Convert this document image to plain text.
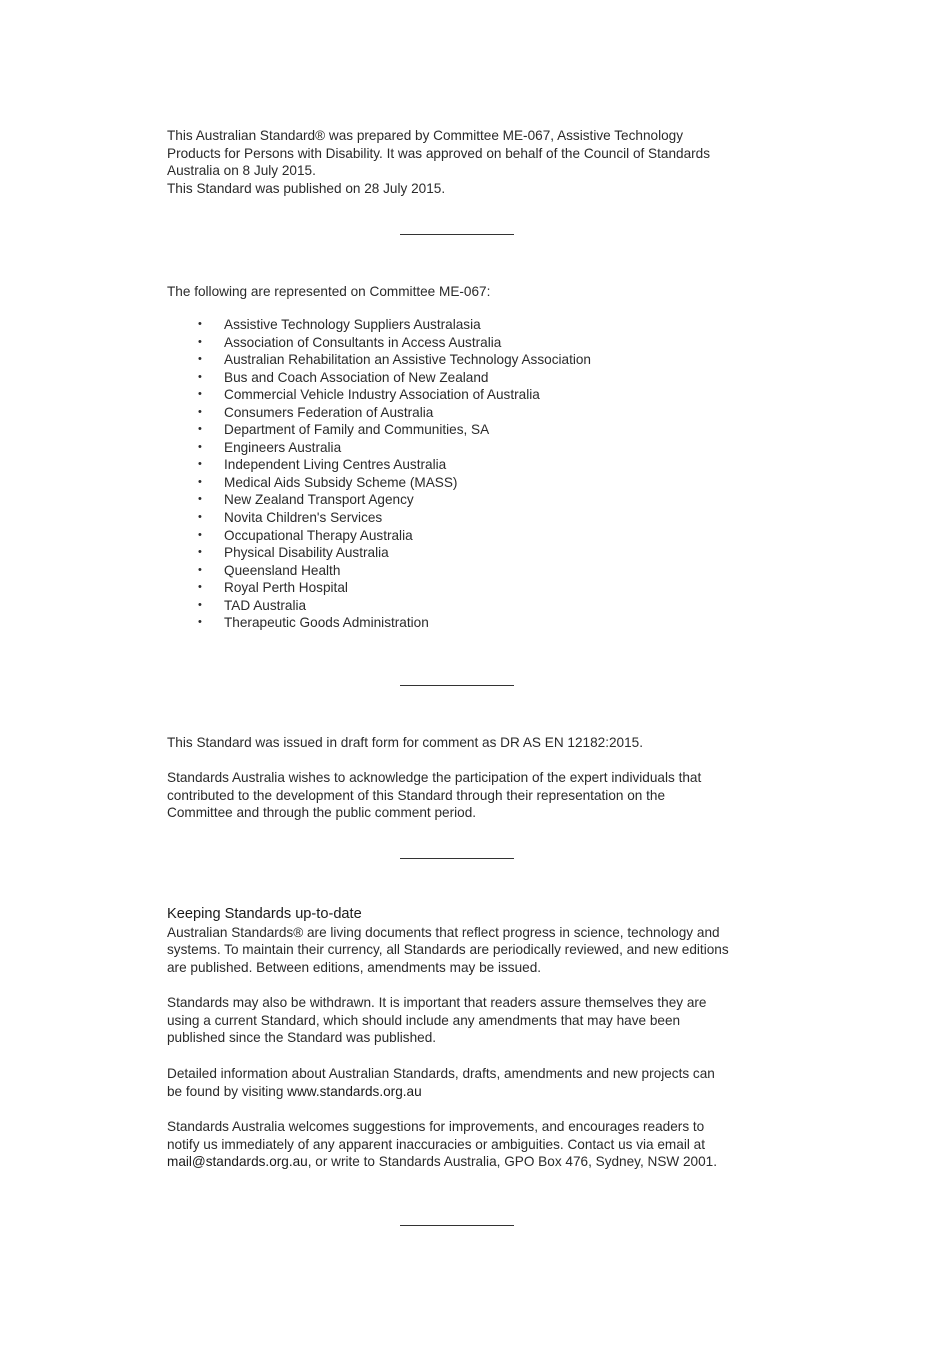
This Australian Standard® was prepared by Committee ME-067, Assistive Technology

Products for Persons with Disability. It was approved on behalf of the Council of Standards

Australia on 8 July 2015.

This Standard was published on 28 July 2015.

The following are represented on Committee ME-067:

• Assistive Technology Suppliers Australasia
• Association of Consultants in Access Australia
• Australian Rehabilitation an Assistive Technology Association
• Bus and Coach Association of New Zealand
• Commercial Vehicle Industry Association of Australia
• Consumers Federation of Australia
• Department of Family and Communities, SA
• Engineers Australia
• Independent Living Centres Australia
• Medical Aids Subsidy Scheme (MASS)
• New Zealand Transport Agency
• Novita Children's Services
• Occupational Therapy Australia
• Physical Disability Australia
• Queensland Health
• Royal Perth Hospital
• TAD Australia
• Therapeutic Goods Administration

This Standard was issued in draft form for comment as DR AS EN 12182:2015.

Standards Australia wishes to acknowledge the participation of the expert individuals that

contributed to the development of this Standard through their representation on the

Committee and through the public comment period.

Keeping Standards up-to-date

Australian Standards® are living documents that reflect progress in science, technology and

systems. To maintain their currency, all Standards are periodically reviewed, and new editions

are published. Between editions, amendments may be issued.

Standards may also be withdrawn. It is important that readers assure themselves they are

using a current Standard, which should include any amendments that may have been

published since the Standard was published.

Detailed information about Australian Standards, drafts, amendments and new projects can

be found by visiting www.standards.org.au

Standards Australia welcomes suggestions for improvements, and encourages readers to

notify us immediately of any apparent inaccuracies or ambiguities. Contact us via email at

mail@standards.org.au, or write to Standards Australia, GPO Box 476, Sydney, NSW 2001.
